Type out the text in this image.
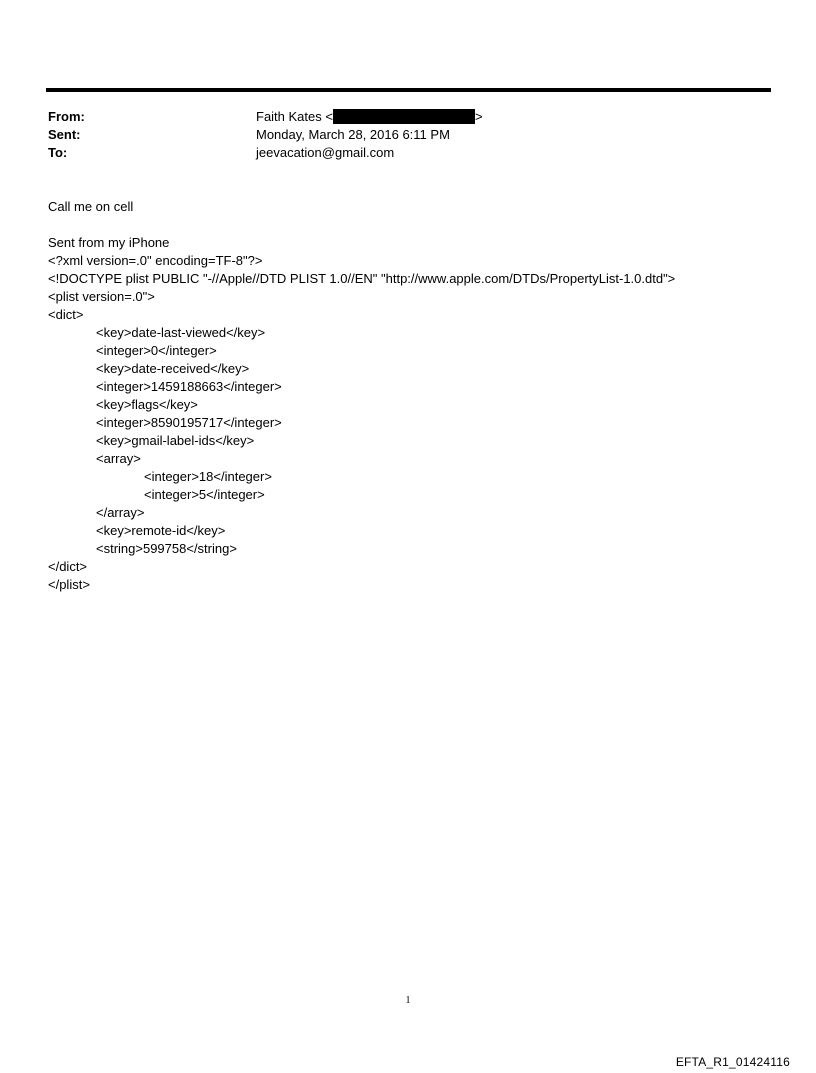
From:	Faith Kates <	>
Sent:	Monday, March 28, 2016 6:11 PM
To:	jeevacation@gmail.com
Call me on cell
Sent from my iPhone
<?xml version=.0" encoding=TF-8"?>
<!DOCTYPE plist PUBLIC "-//Apple//DTD PLIST 1.0//EN" "http://www.apple.com/DTDs/PropertyList-1.0.dtd">
<plist version=.0">
<dict>
<key>date-last-viewed</key>
<integer>0</integer>
<key>date-received</key>
<integer>1459188663</integer>
<key>flags</key>
<integer>8590195717</integer>
<key>gmail-label-ids</key>
<array>
<integer>18</integer>
<integer>5</integer>
</array>
<key>remote-id</key>
<string>599758</string>
</dict>
</plist>
1
EFTA_R1_01424116
